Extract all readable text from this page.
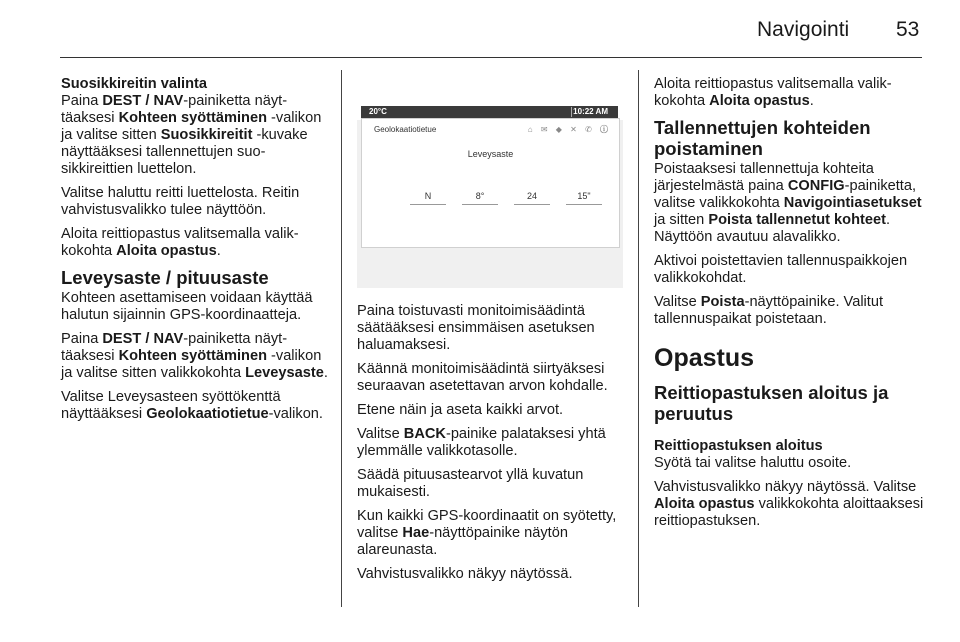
Navigointi 53

Suosikkireitin valinta

Paina DEST / NAV-painiketta näyttäaksesi Kohteen syöttäminen -valikon ja valitse sitten Suosikkireitit -kuvake näyttääksesi tallennettujen suosikkireittien luettelon.

Valitse haluttu reitti luettelosta. Reitin vahvistusvalikko tulee näyttöön.

Aloita reittiopastus valitsemalla valikkokohta Aloita opastus.

Leveysaste / pituusaste

Kohteen asettamiseen voidaan käyttää halutun sijainnin GPS-koordinaatteja.

Paina DEST / NAV-painiketta näyttäaksesi Kohteen syöttäminen -valikon ja valitse sitten valikkokohta Leveysaste.

Valitse Leveysasteen syöttökenttä näyttääksesi Geolokaatiotietue-valikon.

20°C	10:22 AM
Geolokaatiotietue	⌂ ✉ ◆ ✕ ✆ ⓘ
Leveysaste
N	8°	24	15"

Paina toistuvasti monitoimisäädintä säätääksesi ensimmäisen asetuksen haluamaksesi.

Käännä monitoimisäädintä siirtyäksesi seuraavan asetettavan arvon kohdalle.

Etene näin ja aseta kaikki arvot.

Valitse BACK-painike palataksesi yhtä ylemmälle valikkotasolle.

Säädä pituusastearvot yllä kuvatun mukaisesti.

Kun kaikki GPS-koordinaatit on syötetty, valitse Hae-näyttöpainike näytön alareunasta.

Vahvistusvalikko näkyy näytössä.

Aloita reittiopastus valitsemalla valikkokohta Aloita opastus.

Tallennettujen kohteiden poistaminen

Poistaaksesi tallennettuja kohteita järjestelmästä paina CONFIG-painiketta, valitse valikkokohta Navigointiasetukset ja sitten Poista tallennetut kohteet. Näyttöön avautuu alavalikko.

Aktivoi poistettavien tallennuspaikkojen valikkokohdat.

Valitse Poista-näyttöpainike. Valitut tallennuspaikat poistetaan.

Opastus
Reittiopastuksen aloitus ja peruutus

Reittiopastuksen aloitus

Syötä tai valitse haluttu osoite.

Vahvistusvalikko näkyy näytössä. Valitse Aloita opastus valikkokohta aloittaaksesi reittiopastuksen.
